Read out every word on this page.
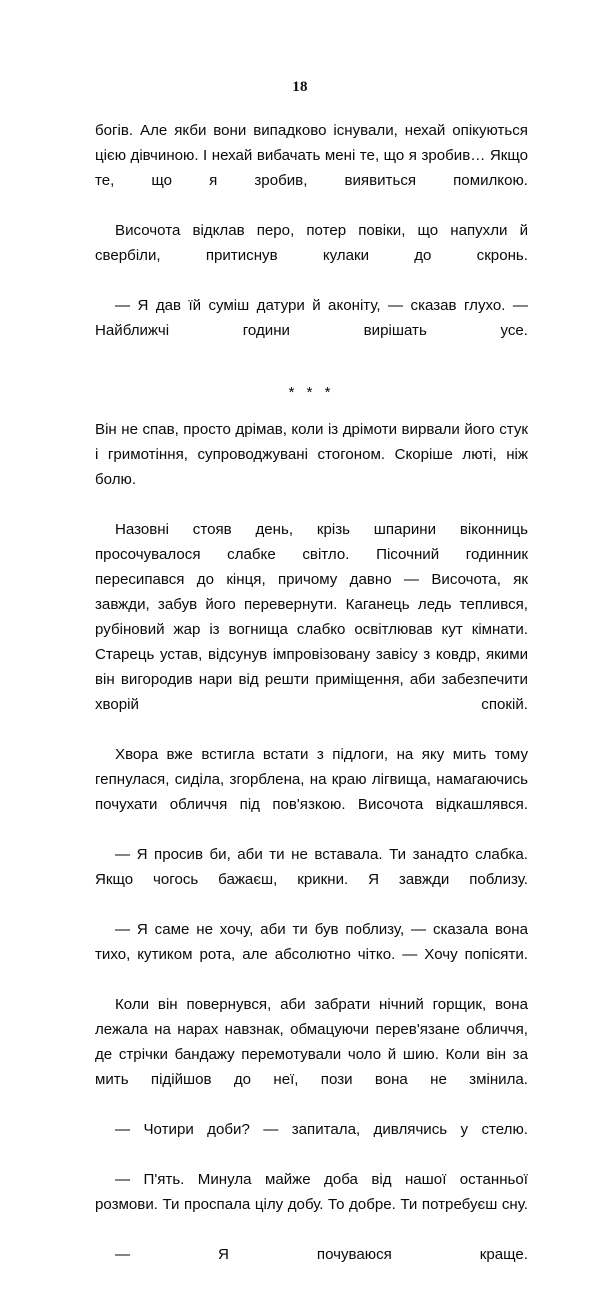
18

богів. Але якби вони випадково існували, нехай опікуються цією дівчиною. І нехай вибачать мені те, що я зробив… Якщо те, що я зробив, виявиться помилкою.

Височота відклав перо, потер повіки, що напухли й свербіли, притиснув кулаки до скронь.

— Я дав їй суміш датури й аконіту, — сказав глухо. — Найближчі години вирішать усе.

* * *

Він не спав, просто дрімав, коли із дрімоти вирвали його стук і гримотіння, супроводжувані стогоном. Скоріше люті, ніж болю.

Назовні стояв день, крізь шпарини віконниць просочувалося слабке світло. Пісочний годинник пересипався до кінця, причому давно — Височота, як завжди, забув його перевернути. Каганець ледь теплився, рубіновий жар із вогнища слабко освітлював кут кімнати. Старець устав, відсунув імпровізовану завісу з ковдр, якими він вигородив нари від решти приміщення, аби забезпечити хворій спокій.

Хвора вже встигла встати з підлоги, на яку мить тому гепнулася, сиділа, згорблена, на краю лігвища, намагаючись почухати обличчя під пов'язкою. Височота відкашлявся.

— Я просив би, аби ти не вставала. Ти занадто слабка. Якщо чогось бажаєш, крикни. Я завжди поблизу.

— Я саме не хочу, аби ти був поблизу, — сказала вона тихо, кутиком рота, але абсолютно чітко. — Хочу попісяти.

Коли він повернувся, аби забрати нічний горщик, вона лежала на нарах навзнак, обмацуючи перев'язане обличчя, де стрічки бандажу перемотували чоло й шию. Коли він за мить підійшов до неї, пози вона не змінила.

— Чотири доби? — запитала, дивлячись у стелю.

— П'ять. Минула майже доба від нашої останньої розмови. Ти проспала цілу добу. То добре. Ти потребуєш сну.

— Я почуваюся краще.
